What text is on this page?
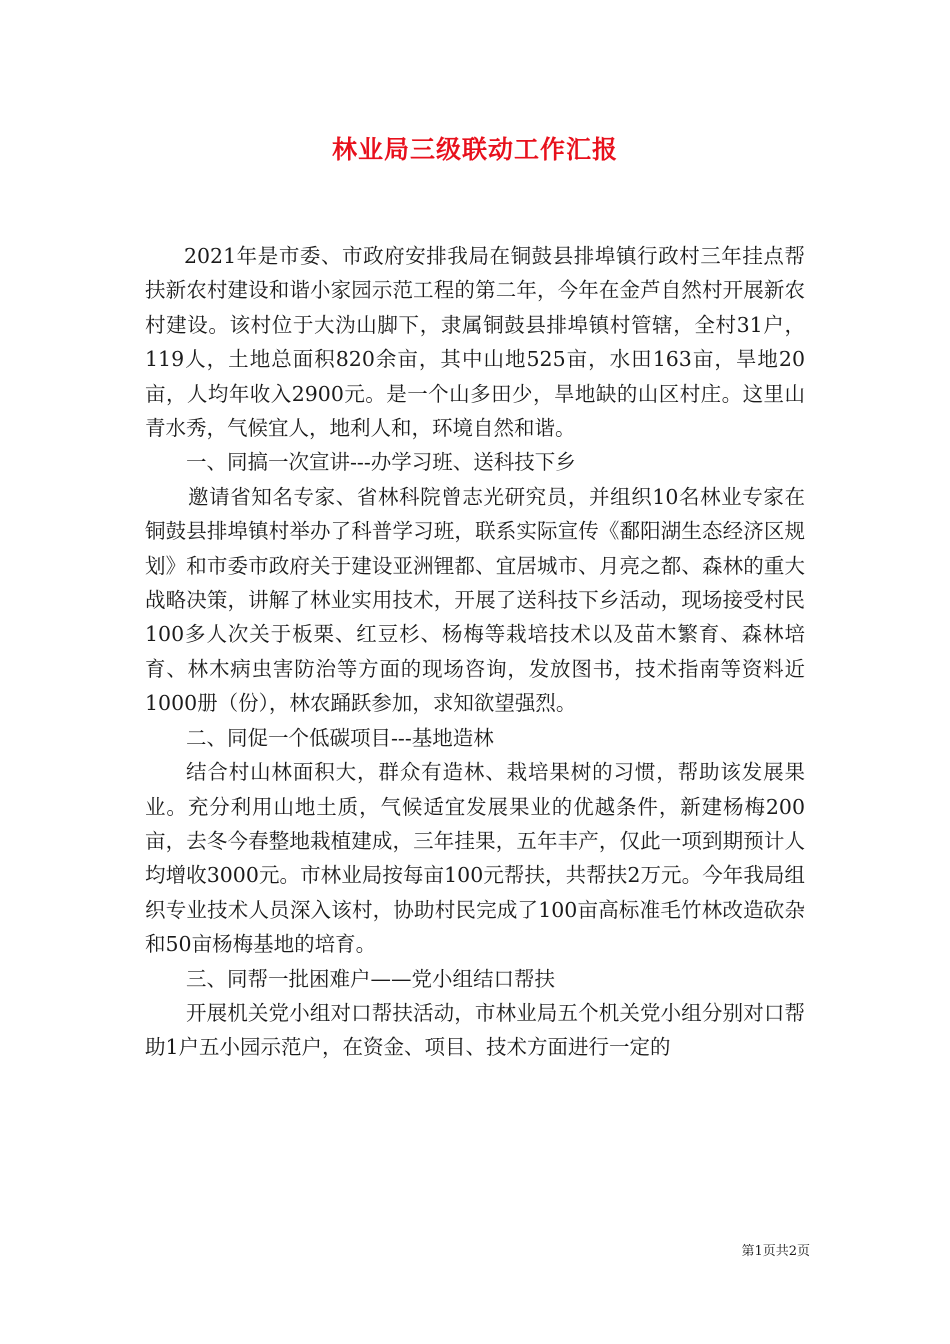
林业局三级联动工作汇报

2021年是市委、市政府安排我局在铜鼓县排埠镇行政村三年挂点帮扶新农村建设和谐小家园示范工程的第二年，今年在金芦自然村开展新农村建设。该村位于大沩山脚下，隶属铜鼓县排埠镇村管辖，全村31户，119人，土地总面积820余亩，其中山地525亩，水田163亩，旱地20亩，人均年收入2900元。是一个山多田少，旱地缺的山区村庄。这里山青水秀，气候宜人，地利人和，环境自然和谐。

一、同搞一次宣讲---办学习班、送科技下乡

邀请省知名专家、省林科院曾志光研究员，并组织10名林业专家在铜鼓县排埠镇村举办了科普学习班，联系实际宣传《鄱阳湖生态经济区规划》和市委市政府关于建设亚洲锂都、宜居城市、月亮之都、森林的重大战略决策，讲解了林业实用技术，开展了送科技下乡活动，现场接受村民100多人次关于板栗、红豆杉、杨梅等栽培技术以及苗木繁育、森林培育、林木病虫害防治等方面的现场咨询，发放图书，技术指南等资料近1000册（份），林农踊跃参加，求知欲望强烈。

二、同促一个低碳项目---基地造林

结合村山林面积大，群众有造林、栽培果树的习惯，帮助该发展果业。充分利用山地土质，气候适宜发展果业的优越条件，新建杨梅200亩，去冬今春整地栽植建成，三年挂果，五年丰产，仅此一项到期预计人均增收3000元。市林业局按每亩100元帮扶，共帮扶2万元。今年我局组织专业技术人员深入该村，协助村民完成了100亩高标准毛竹林改造砍杂和50亩杨梅基地的培育。

三、同帮一批困难户——党小组结口帮扶

开展机关党小组对口帮扶活动，市林业局五个机关党小组分别对口帮助1户五小园示范户，在资金、项目、技术方面进行一定的

第1页共2页
